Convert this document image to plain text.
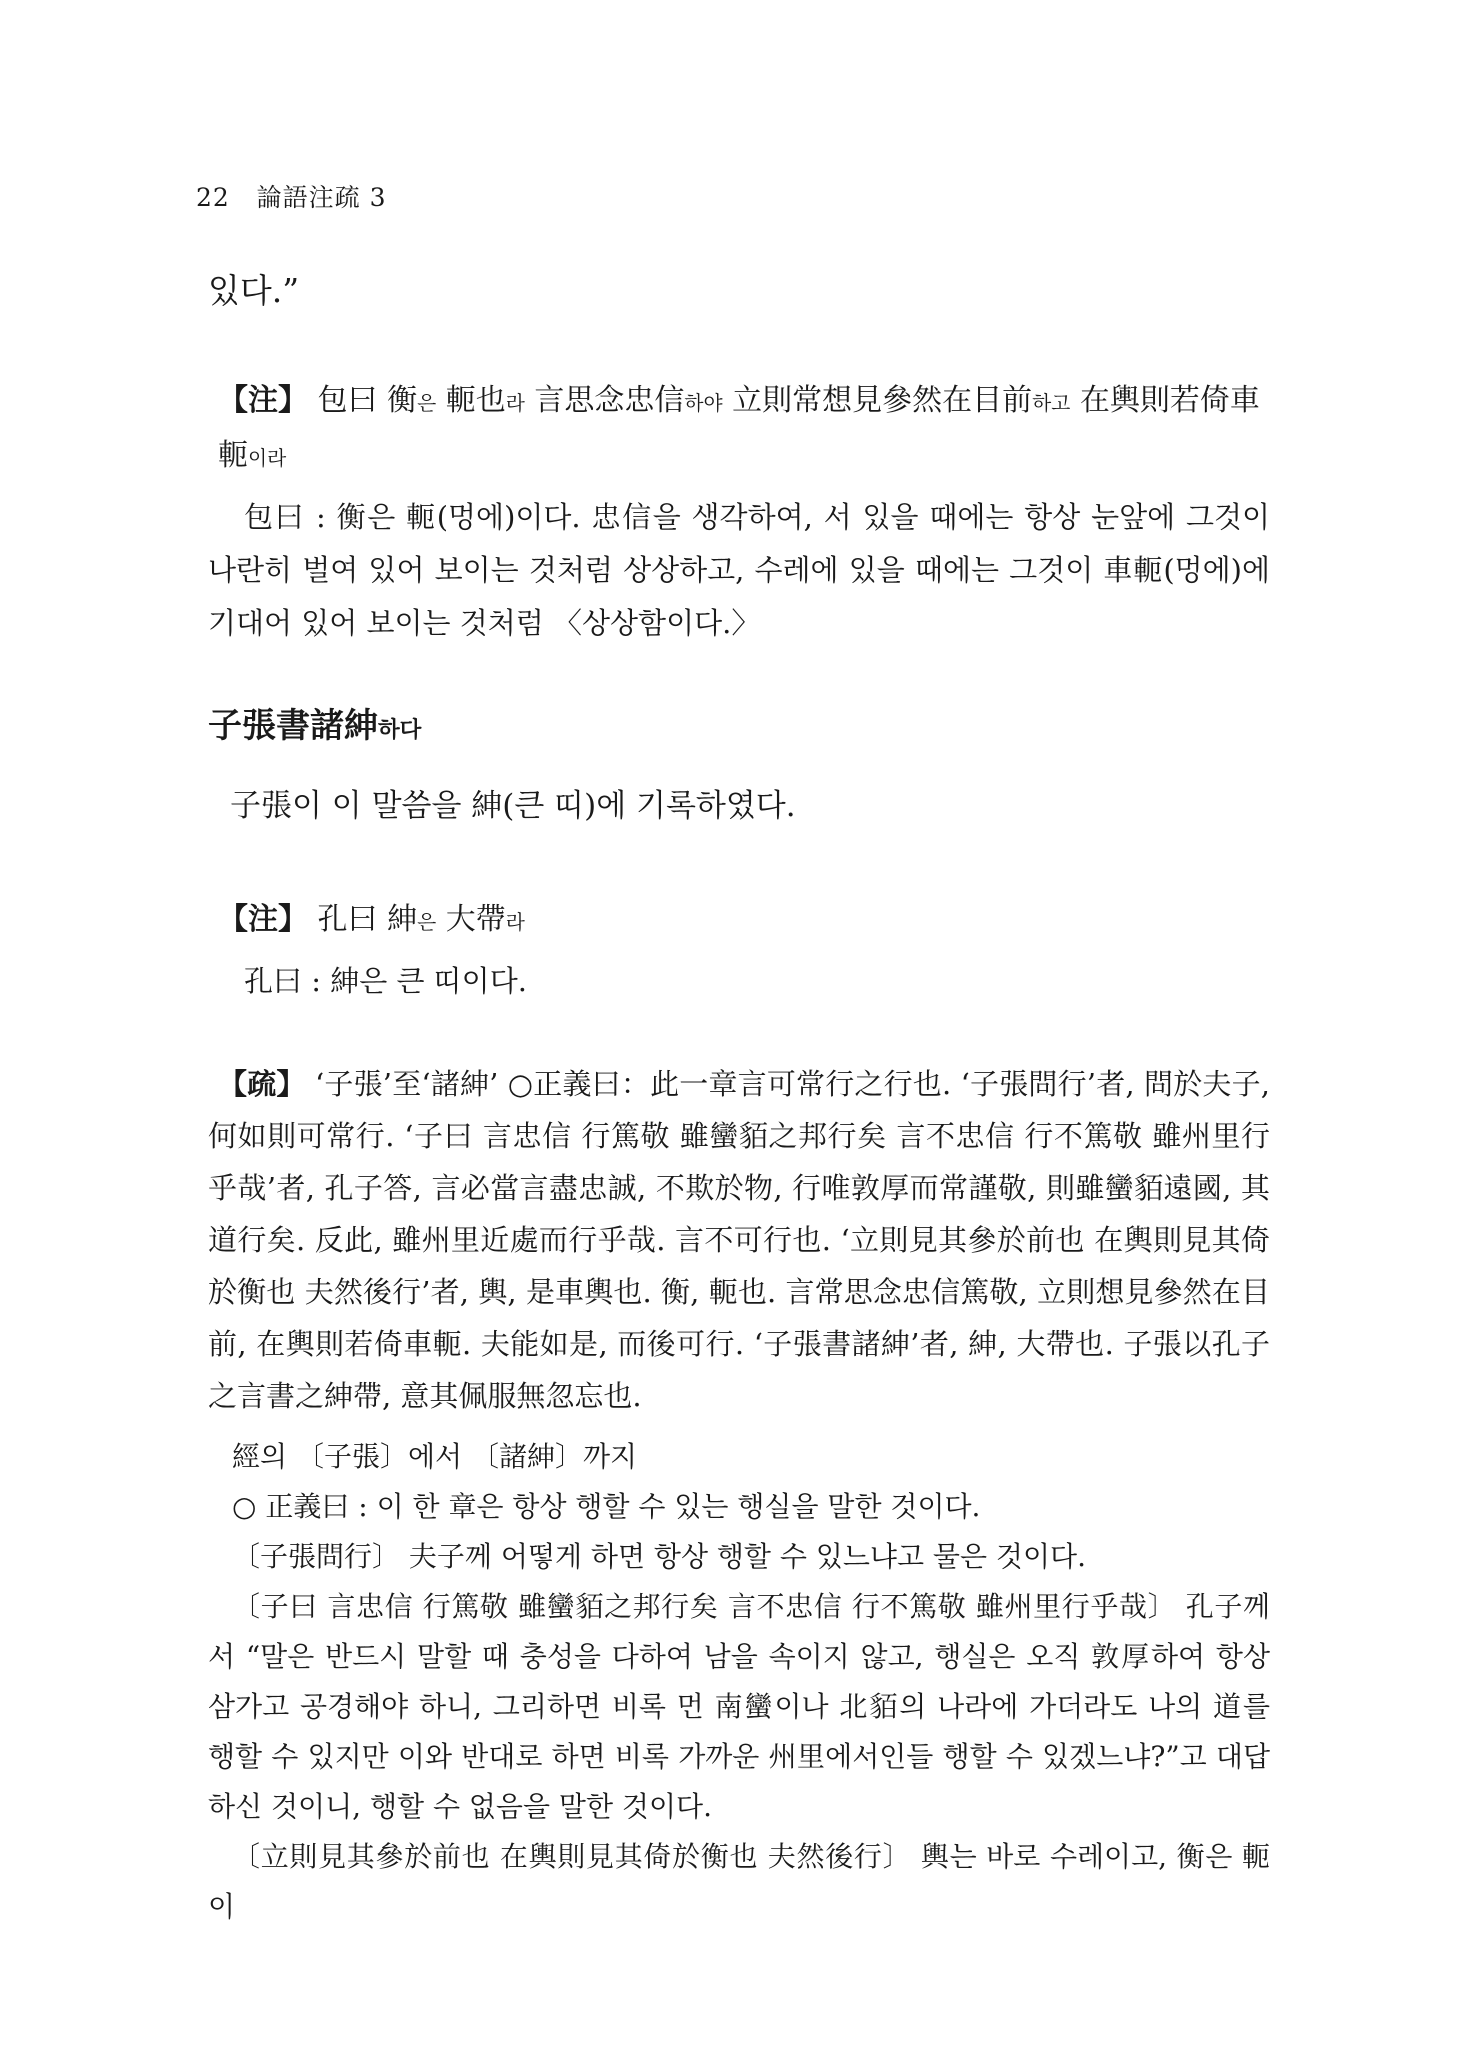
22 論語注疏 3

있다.”

【注】 包曰 衡은 軛也라 言思念忠信하야 立則常想見參然在目前하고 在輿則若倚車軛이라

包曰 : 衡은 軛(멍에)이다. 忠信을 생각하여, 서 있을 때에는 항상 눈앞에 그것이 나란히 벌여 있어 보이는 것처럼 상상하고, 수레에 있을 때에는 그것이 車軛(멍에)에 기대어 있어 보이는 것처럼 〈상상함이다.〉

子張書諸紳하다

子張이 이 말씀을 紳(큰 띠)에 기록하였다.

【注】 孔曰 紳은 大帶라

孔曰 : 紳은 큰 띠이다.

【疏】 ‘子張’至‘諸紳’ ○正義曰：此一章言可常行之行也. ‘子張問行’者, 問於夫子, 何如則可常行. ‘子曰 言忠信 行篤敬 雖蠻貊之邦行矣 言不忠信 行不篤敬 雖州里行乎哉’者, 孔子答, 言必當言盡忠誠, 不欺於物, 行唯敦厚而常謹敬, 則雖蠻貊遠國, 其道行矣. 反此, 雖州里近處而行乎哉. 言不可行也. ‘立則見其參於前也 在輿則見其倚於衡也 夫然後行’者, 輿, 是車輿也. 衡, 軛也. 言常思念忠信篤敬, 立則想見參然在目前, 在輿則若倚車軛. 夫能如是, 而後可行. ‘子張書諸紳’者, 紳, 大帶也. 子張以孔子之言書之紳帶, 意其佩服無忽忘也.

經의 〔子張〕에서 〔諸紳〕까지

○ 正義曰 : 이 한 章은 항상 행할 수 있는 행실을 말한 것이다.

〔子張問行〕 夫子께 어떻게 하면 항상 행할 수 있느냐고 물은 것이다.

〔子曰 言忠信 行篤敬 雖蠻貊之邦行矣 言不忠信 行不篤敬 雖州里行乎哉〕 孔子께서 “말은 반드시 말할 때 충성을 다하여 남을 속이지 않고, 행실은 오직 敦厚하여 항상 삼가고 공경해야 하니, 그리하면 비록 먼 南蠻이나 北貊의 나라에 가더라도 나의 道를 행할 수 있지만 이와 반대로 하면 비록 가까운 州里에서인들 행할 수 있겠느냐?”고 대답하신 것이니, 행할 수 없음을 말한 것이다.

〔立則見其參於前也 在輿則見其倚於衡也 夫然後行〕 輿는 바로 수레이고, 衡은 軛이
